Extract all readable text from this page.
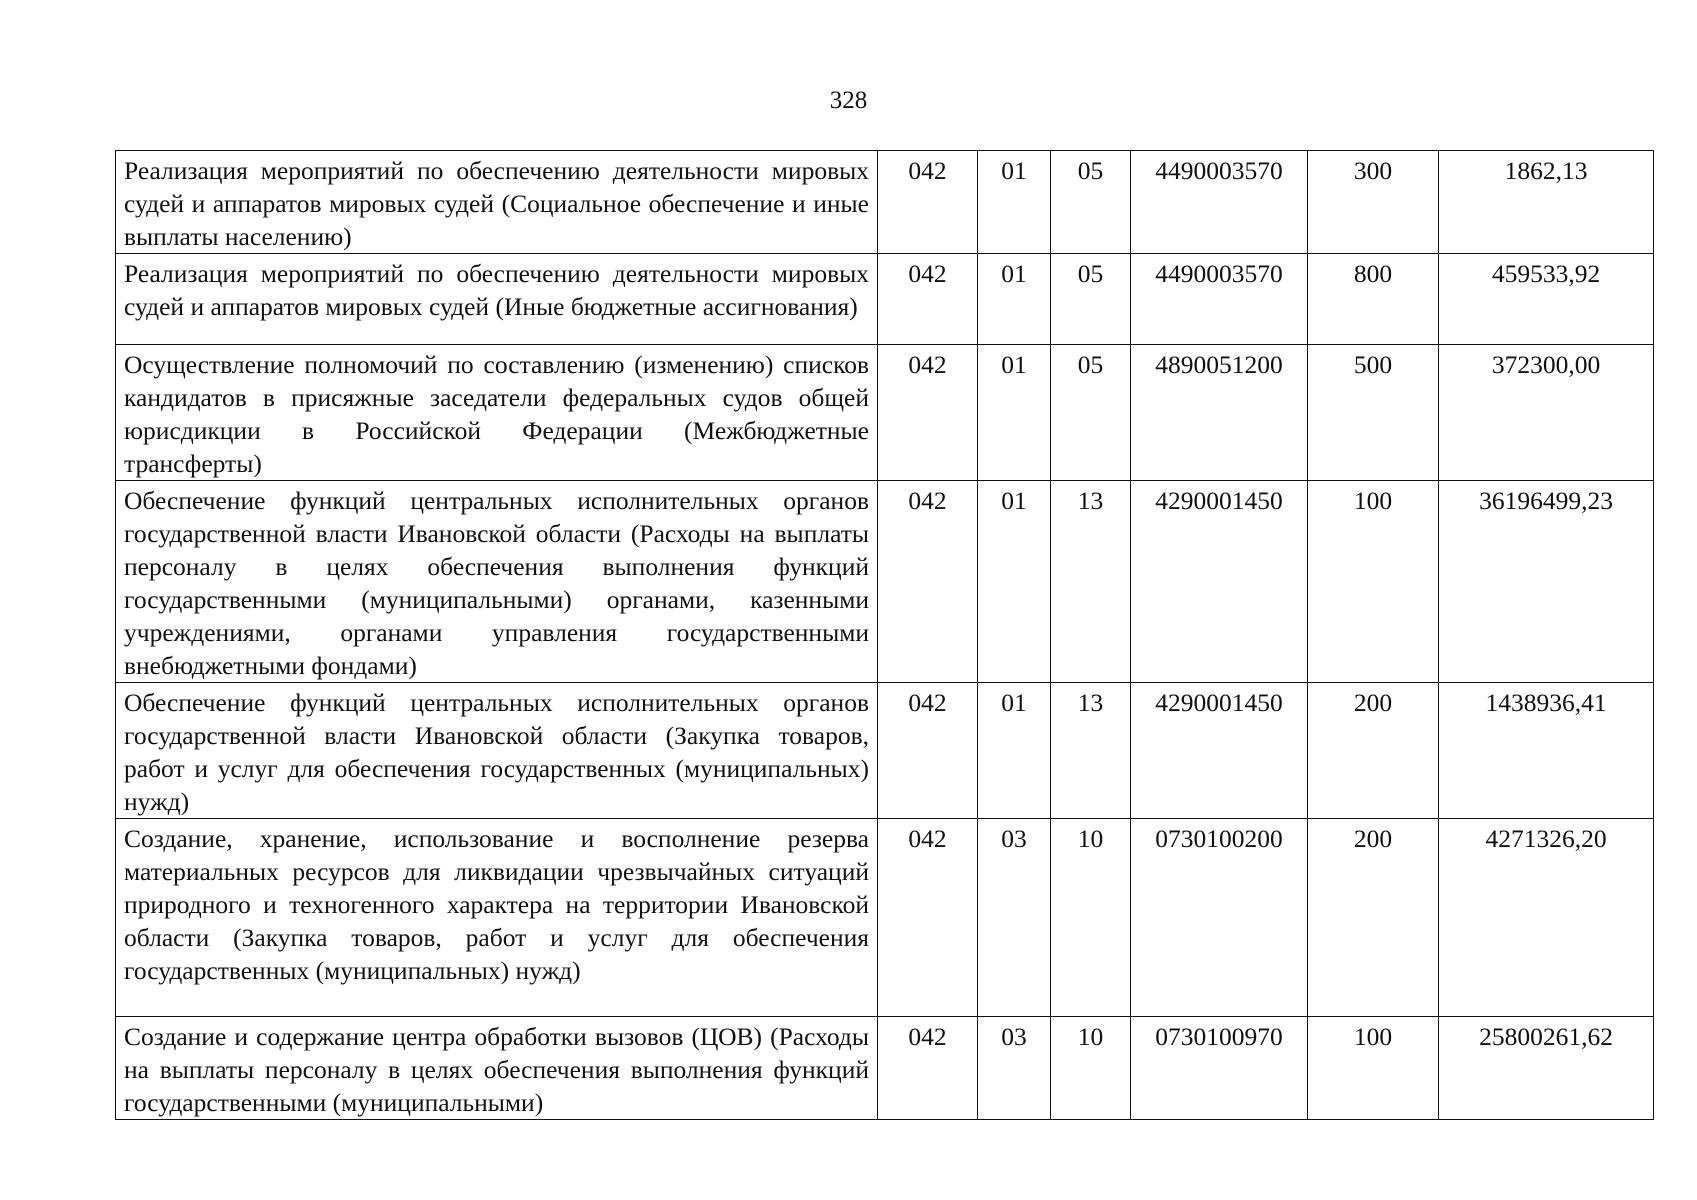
328
Реализация мероприятий по обеспечению деятельности мировых судей и аппаратов мировых судей (Социальное обеспечение и иные выплаты населению)	042	01	05	4490003570	300	1862,13
Реализация мероприятий по обеспечению деятельности мировых судей и аппаратов мировых судей (Иные бюджетные ассигнования)	042	01	05	4490003570	800	459533,92
Осуществление полномочий по составлению (изменению) списков кандидатов в присяжные заседатели федеральных судов общей юрисдикции в Российской Федерации (Межбюджетные трансферты)	042	01	05	4890051200	500	372300,00
Обеспечение функций центральных исполнительных органов государственной власти Ивановской области (Расходы на выплаты персоналу в целях обеспечения выполнения функций государственными (муниципальными) органами, казенными учреждениями, органами управления государственными внебюджетными фондами)	042	01	13	4290001450	100	36196499,23
Обеспечение функций центральных исполнительных органов государственной власти Ивановской области (Закупка товаров, работ и услуг для обеспечения государственных (муниципальных) нужд)	042	01	13	4290001450	200	1438936,41
Создание, хранение, использование и восполнение резерва материальных ресурсов для ликвидации чрезвычайных ситуаций природного и техногенного характера на территории Ивановской области (Закупка товаров, работ и услуг для обеспечения государственных (муниципальных) нужд)	042	03	10	0730100200	200	4271326,20
Создание и содержание центра обработки вызовов (ЦОВ) (Расходы на выплаты персоналу в целях обеспечения выполнения функций государственными (муниципальными)	042	03	10	0730100970	100	25800261,62
